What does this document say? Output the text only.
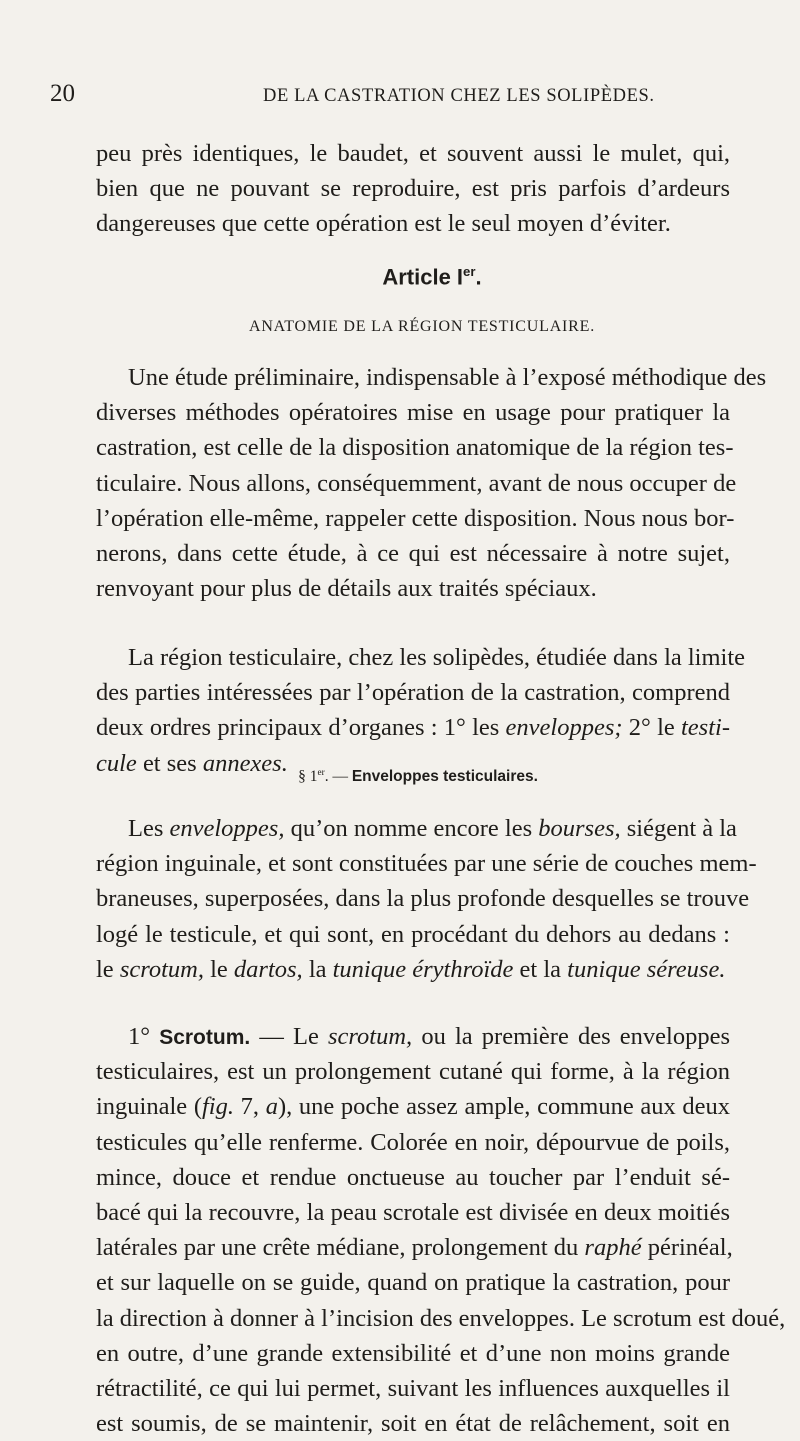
20	DE LA CASTRATION CHEZ LES SOLIPÈDES.
peu près identiques, le baudet, et souvent aussi le mulet, qui,
bien que ne pouvant se reproduire, est pris parfois d’ardeurs
dangereuses que cette opération est le seul moyen d’éviter.
Article Ier.
ANATOMIE DE LA RÉGION TESTICULAIRE.
Une étude préliminaire, indispensable à l’exposé méthodique des
diverses méthodes opératoires mise en usage pour pratiquer la
castration, est celle de la disposition anatomique de la région tes-
ticulaire. Nous allons, conséquemment, avant de nous occuper de
l’opération elle-même, rappeler cette disposition. Nous nous bor-
nerons, dans cette étude, à ce qui est nécessaire à notre sujet,
renvoyant pour plus de détails aux traités spéciaux.
La région testiculaire, chez les solipèdes, étudiée dans la limite
des parties intéressées par l’opération de la castration, comprend
deux ordres principaux d’organes : 1° les enveloppes; 2° le testi-
cule et ses annexes.
§ 1er. — Enveloppes testiculaires.
Les enveloppes, qu’on nomme encore les bourses, siégent à la
région inguinale, et sont constituées par une série de couches mem-
braneuses, superposées, dans la plus profonde desquelles se trouve
logé le testicule, et qui sont, en procédant du dehors au dedans :
le scrotum, le dartos, la tunique érythroïde et la tunique séreuse.
1° Scrotum. — Le scrotum, ou la première des enveloppes
testiculaires, est un prolongement cutané qui forme, à la région
inguinale (fig. 7, a), une poche assez ample, commune aux deux
testicules qu’elle renferme. Colorée en noir, dépourvue de poils,
mince, douce et rendue onctueuse au toucher par l’enduit sé-
bacé qui la recouvre, la peau scrotale est divisée en deux moitiés
latérales par une crête médiane, prolongement du raphé périnéal,
et sur laquelle on se guide, quand on pratique la castration, pour
la direction à donner à l’incision des enveloppes. Le scrotum est doué,
en outre, d’une grande extensibilité et d’une non moins grande
rétractilité, ce qui lui permet, suivant les influences auxquelles il
est soumis, de se maintenir, soit en état de relâchement, soit en
